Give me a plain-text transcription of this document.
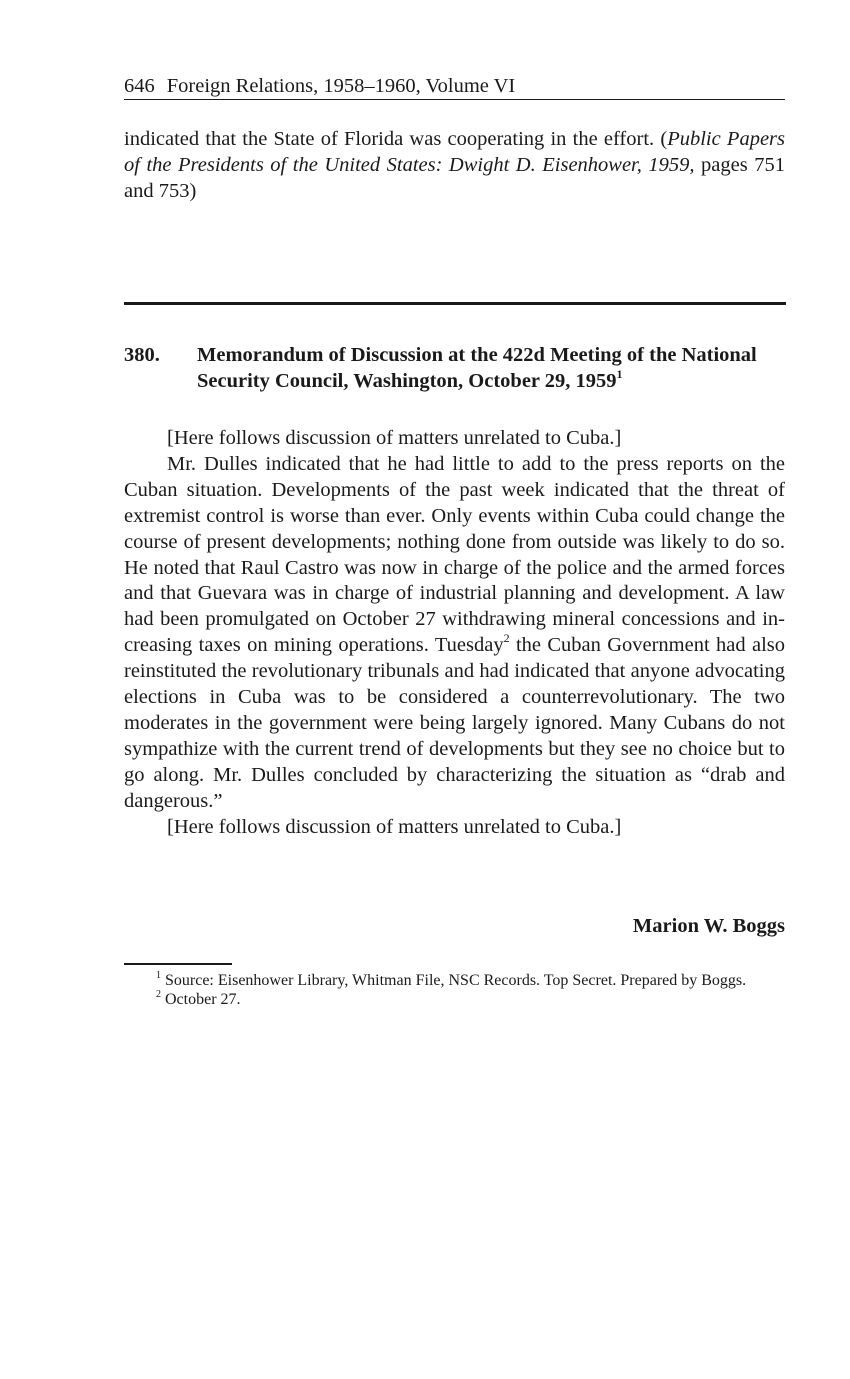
646 Foreign Relations, 1958–1960, Volume VI
indicated that the State of Florida was cooperating in the effort. (Public Papers of the Presidents of the United States: Dwight D. Eisenhower, 1959, pages 751 and 753)
380. Memorandum of Discussion at the 422d Meeting of the National Security Council, Washington, October 29, 1959$^1$

[Here follows discussion of matters unrelated to Cuba.]

Mr. Dulles indicated that he had little to add to the press reports on the Cuban situation. Developments of the past week indicated that the threat of extremist control is worse than ever. Only events within Cuba could change the course of present developments; nothing done from outside was likely to do so. He noted that Raul Castro was now in charge of the police and the armed forces and that Guevara was in charge of industrial planning and development. A law had been promulgated on October 27 withdrawing mineral concessions and increasing taxes on mining operations. Tuesday$^2$ the Cuban Government had also reinstituted the revolutionary tribunals and had indicated that anyone advocating elections in Cuba was to be considered a counterrevolutionary. The two moderates in the government were being largely ignored. Many Cubans do not sympathize with the current trend of developments but they see no choice but to go along. Mr. Dulles concluded by characterizing the situation as “drab and dangerous.”

[Here follows discussion of matters unrelated to Cuba.]

Marion W. Boggs

$^1$ Source: Eisenhower Library, Whitman File, NSC Records. Top Secret. Prepared by Boggs.

$^2$ October 27.
